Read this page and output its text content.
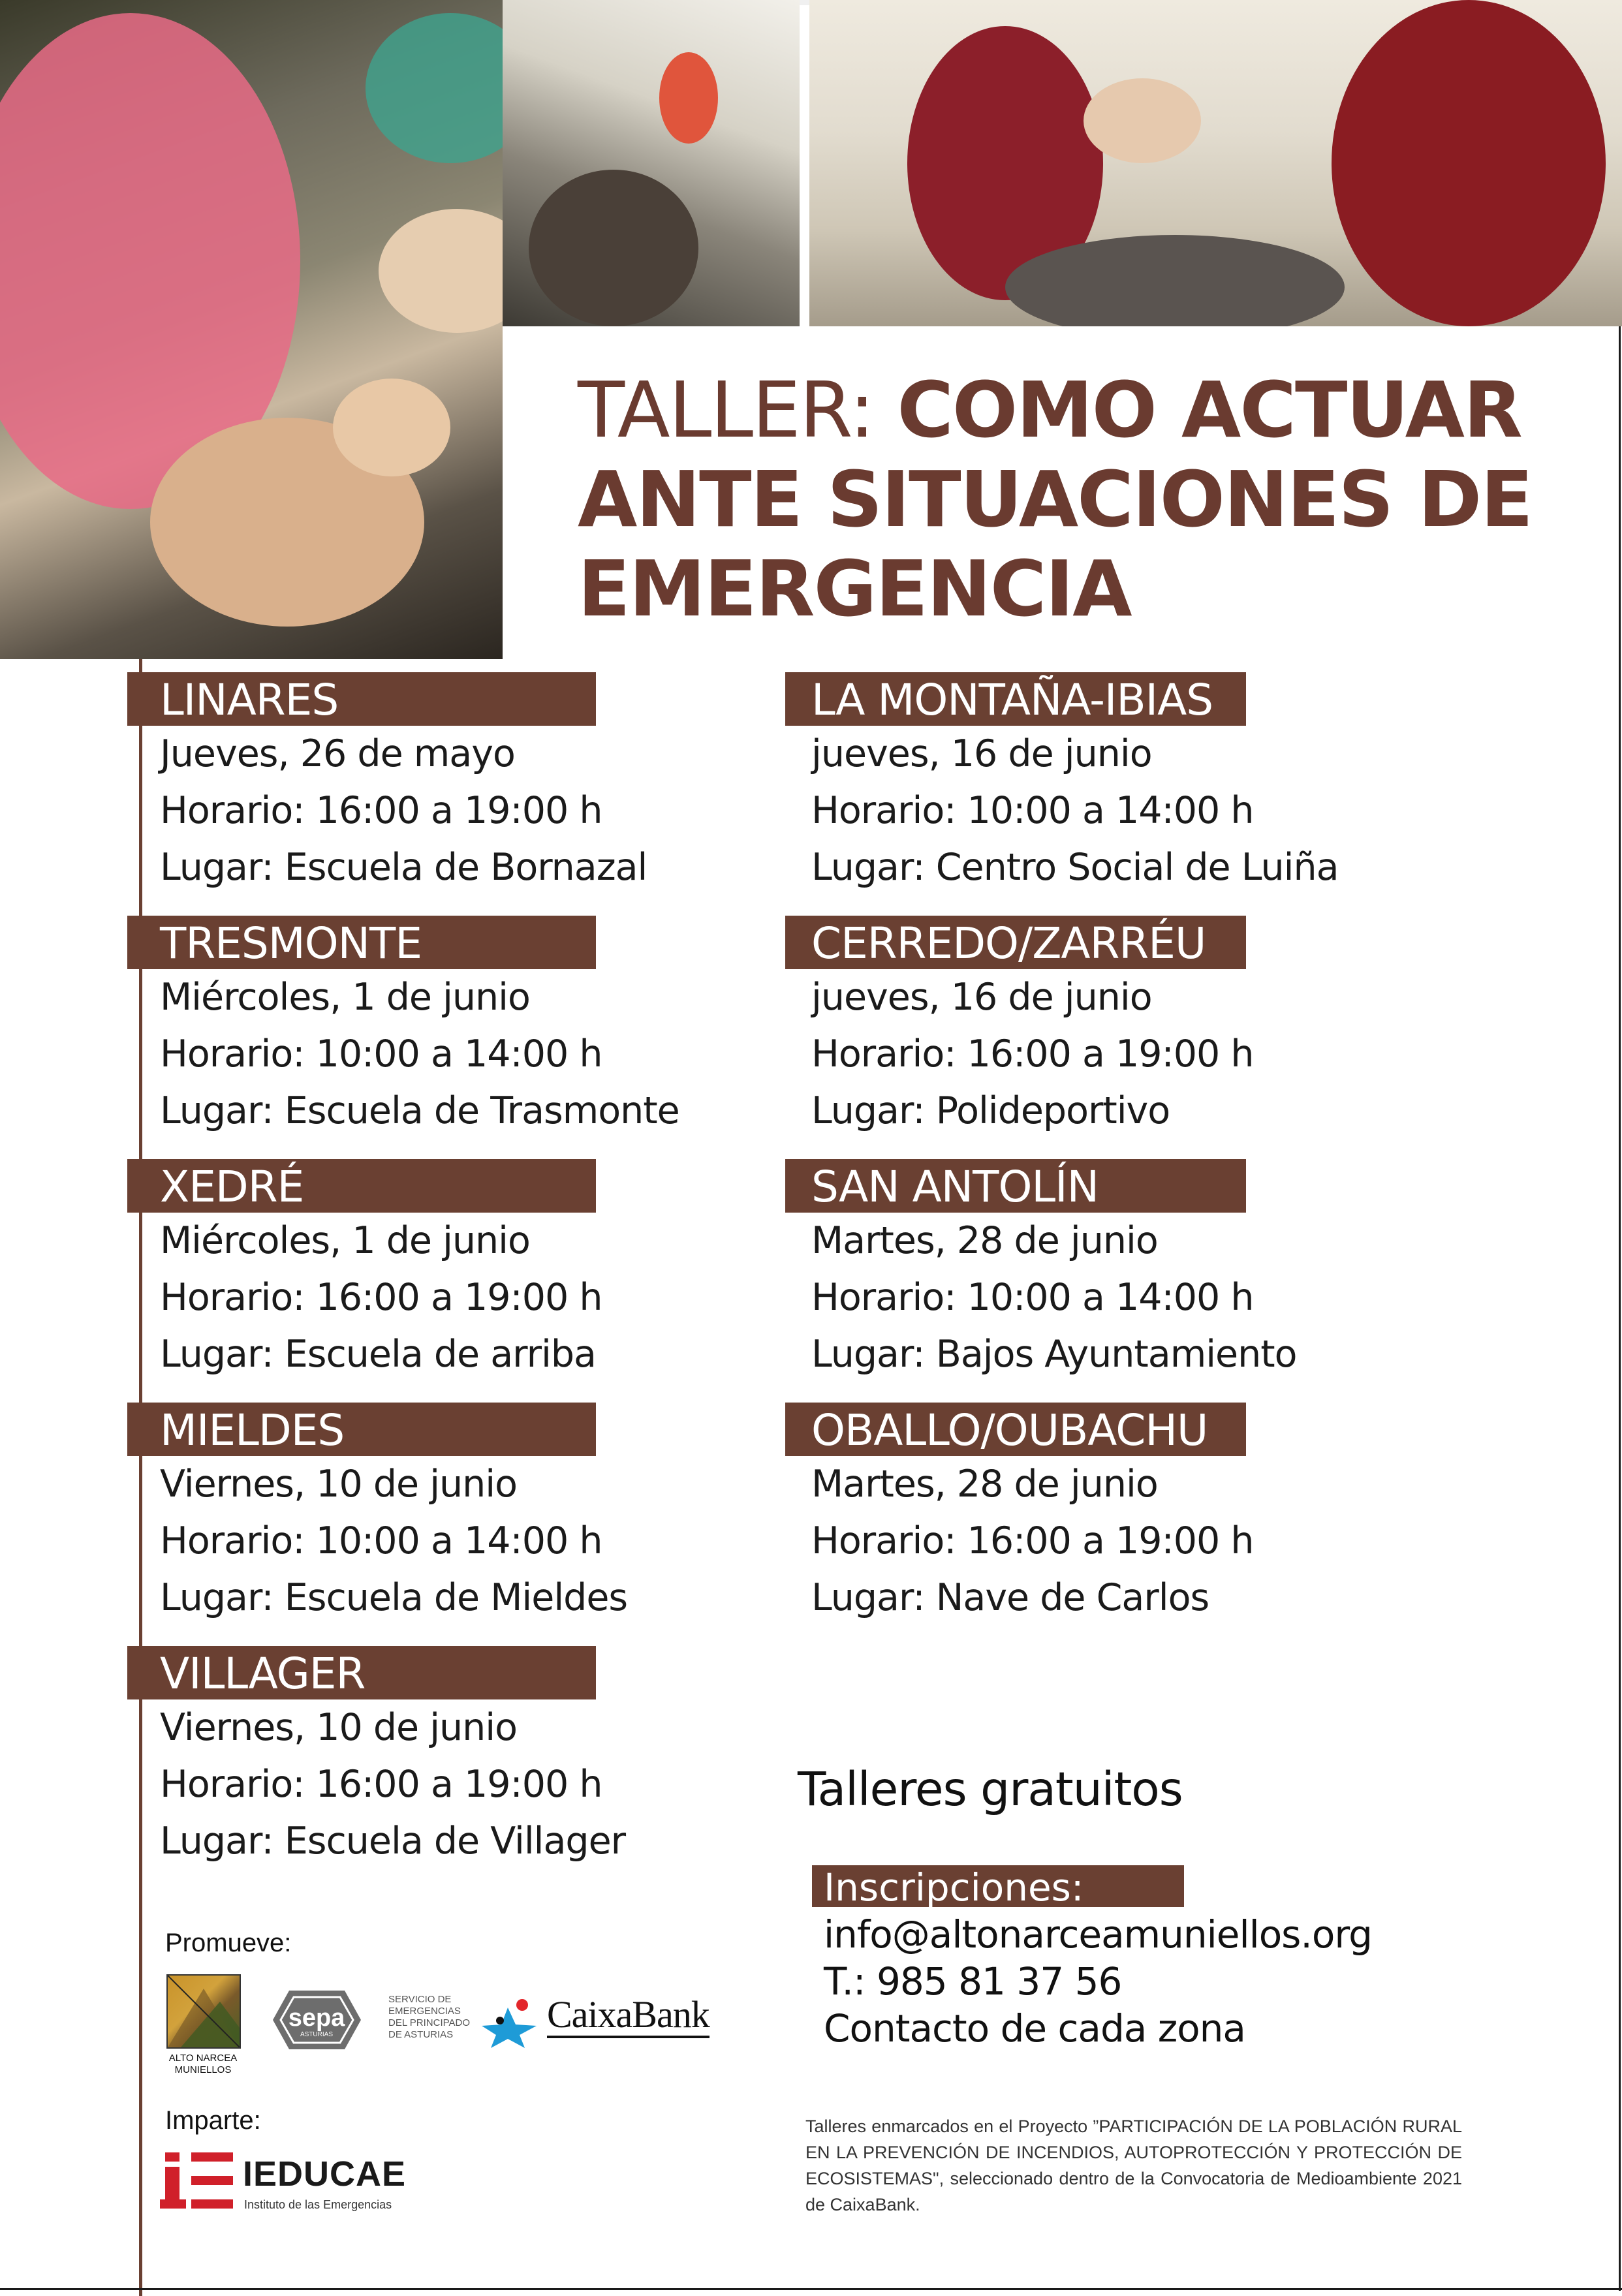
TALLER: COMO ACTUAR
ANTE SITUACIONES DE
EMERGENCIA
LINARES
Jueves, 26 de mayo
Horario: 16:00 a 19:00 h
Lugar: Escuela de Bornazal
TRESMONTE
Miércoles, 1 de junio
Horario: 10:00 a 14:00 h
Lugar: Escuela de Trasmonte
XEDRÉ
Miércoles, 1 de junio
Horario: 16:00 a 19:00 h
Lugar: Escuela de arriba
MIELDES
Viernes, 10 de junio
Horario: 10:00 a 14:00 h
Lugar: Escuela de Mieldes
VILLAGER
Viernes, 10 de junio
Horario: 16:00 a 19:00 h
Lugar: Escuela de Villager
LA MONTAÑA-IBIAS
jueves, 16 de junio
Horario: 10:00 a 14:00 h
Lugar: Centro Social de Luiña
CERREDO/ZARRÉU
jueves, 16 de junio
Horario: 16:00 a 19:00 h
Lugar: Polideportivo
SAN ANTOLÍN
Martes, 28 de junio
Horario: 10:00 a 14:00 h
Lugar: Bajos Ayuntamiento
OBALLO/OUBACHU
Martes, 28 de junio
Horario: 16:00 a 19:00 h
Lugar: Nave de Carlos
Talleres gratuitos
Inscripciones:
info@altonarceamuniellos.org
T.: 985 81 37 56
Contacto de cada zona
Promueve:
ALTO NARCEA MUNIELLOS
sepa
ASTURIAS
SERVICIO DE
EMERGENCIAS
DEL PRINCIPADO
DE ASTURIAS	CaixaBank
Imparte:
IEDUCAE
Instituto de las Emergencias
Talleres enmarcados en el Proyecto ”PARTICIPACIÓN DE LA POBLACIÓN RURAL EN LA PREVENCIÓN DE INCENDIOS, AUTOPROTECCIÓN Y PROTECCIÓN DE ECOSISTEMAS", seleccionado dentro de la Convocatoria de Medioambiente 2021 de CaixaBank.
